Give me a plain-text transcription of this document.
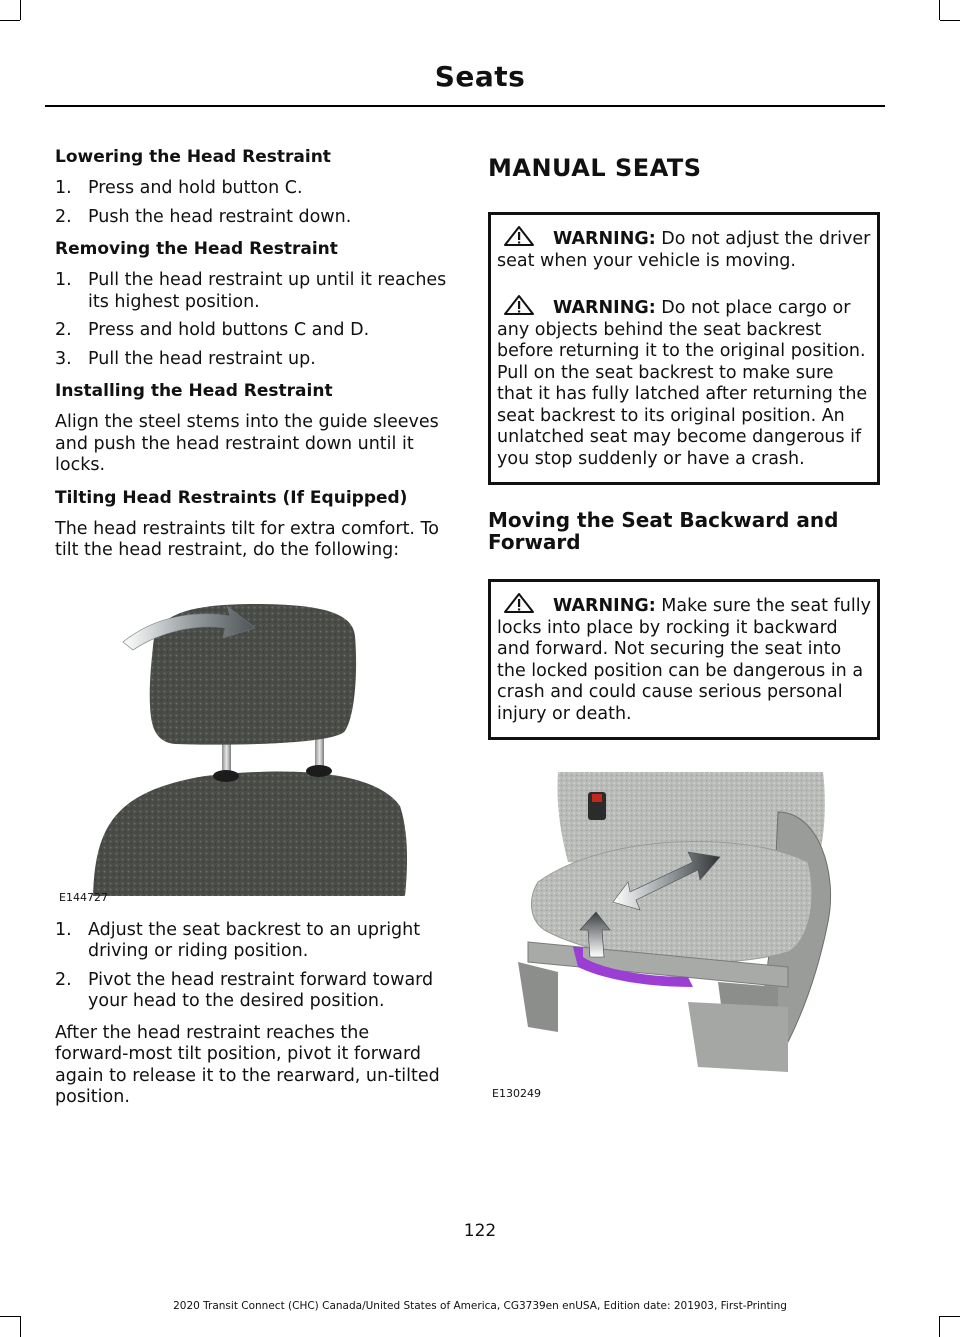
Seats

Lowering the Head Restraint

1. Press and hold button C.
2. Push the head restraint down.

Removing the Head Restraint

1. Pull the head restraint up until it reaches its highest position.
2. Press and hold buttons C and D.
3. Pull the head restraint up.

Installing the Head Restraint

Align the steel stems into the guide sleeves and push the head restraint down until it locks.

Tilting Head Restraints (If Equipped)

The head restraints tilt for extra comfort. To tilt the head restraint, do the following:

E144727
1. Adjust the seat backrest to an upright driving or riding position.
2. Pivot the head restraint forward toward your head to the desired position.

After the head restraint reaches the forward-most tilt position, pivot it forward again to release it to the rearward, un-tilted position.

MANUAL SEATS

WARNING: Do not adjust the driver seat when your vehicle is moving.

WARNING: Do not place cargo or any objects behind the seat backrest before returning it to the original position. Pull on the seat backrest to make sure that it has fully latched after returning the seat backrest to its original position. An unlatched seat may become dangerous if you stop suddenly or have a crash.

Moving the Seat Backward and Forward

WARNING: Make sure the seat fully locks into place by rocking it backward and forward. Not securing the seat into the locked position can be dangerous in a crash and could cause serious personal injury or death.

E130249
122
2020 Transit Connect (CHC) Canada/United States of America, CG3739en enUSA, Edition date: 201903, First-Printing
